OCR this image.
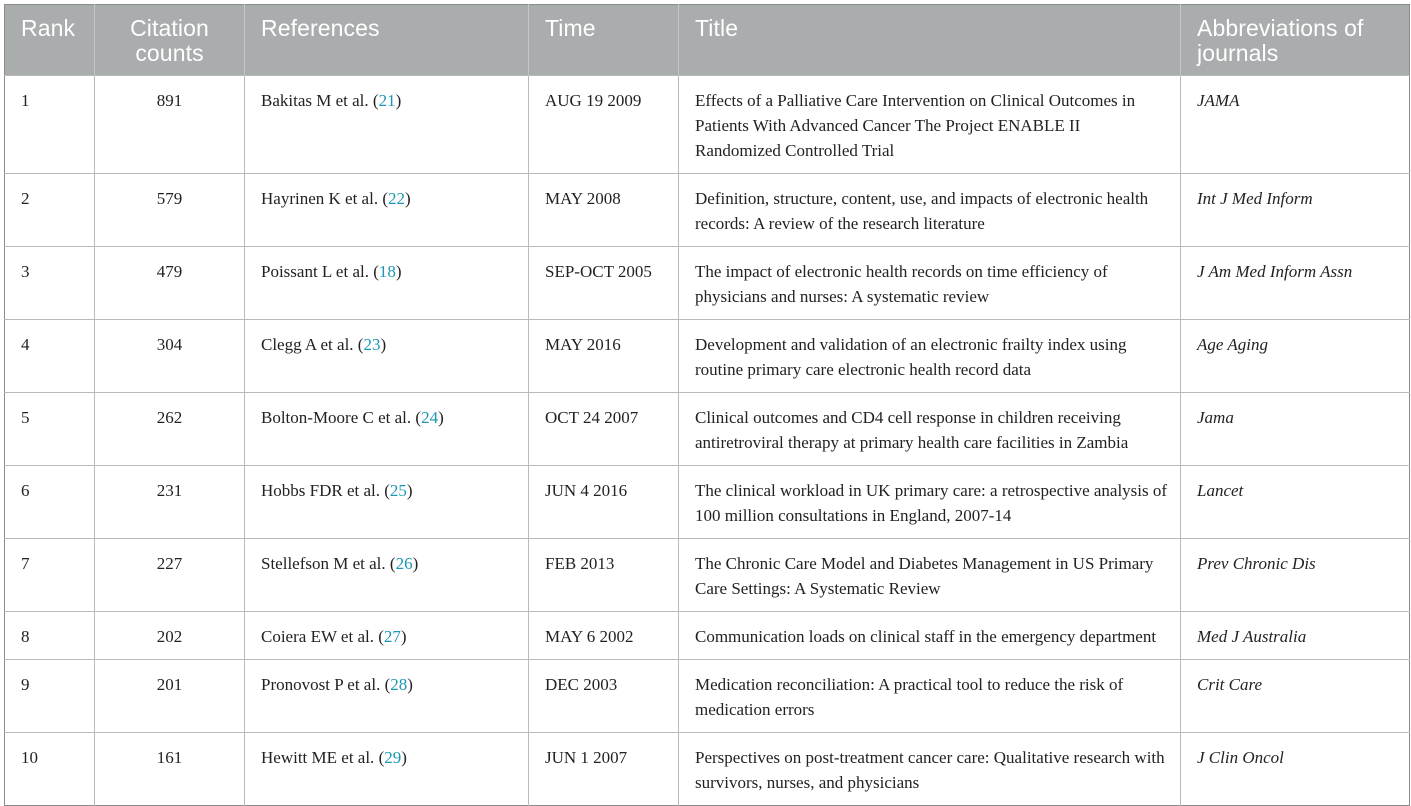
Rank	Citation counts	References	Time	Title	Abbreviations of journals
1	891	Bakitas M et al. (21)	AUG 19 2009	Effects of a Palliative Care Intervention on Clinical Outcomes in Patients With Advanced Cancer The Project ENABLE II Randomized Controlled Trial	JAMA
2	579	Hayrinen K et al. (22)	MAY 2008	Definition, structure, content, use, and impacts of electronic health records: A review of the research literature	Int J Med Inform
3	479	Poissant L et al. (18)	SEP-OCT 2005	The impact of electronic health records on time efficiency of physicians and nurses: A systematic review	J Am Med Inform Assn
4	304	Clegg A et al. (23)	MAY 2016	Development and validation of an electronic frailty index using routine primary care electronic health record data	Age Aging
5	262	Bolton-Moore C et al. (24)	OCT 24 2007	Clinical outcomes and CD4 cell response in children receiving antiretroviral therapy at primary health care facilities in Zambia	Jama
6	231	Hobbs FDR et al. (25)	JUN 4 2016	The clinical workload in UK primary care: a retrospective analysis of 100 million consultations in England, 2007-14	Lancet
7	227	Stellefson M et al. (26)	FEB 2013	The Chronic Care Model and Diabetes Management in US Primary Care Settings: A Systematic Review	Prev Chronic Dis
8	202	Coiera EW et al. (27)	MAY 6 2002	Communication loads on clinical staff in the emergency department	Med J Australia
9	201	Pronovost P et al. (28)	DEC 2003	Medication reconciliation: A practical tool to reduce the risk of medication errors	Crit Care
10	161	Hewitt ME et al. (29)	JUN 1 2007	Perspectives on post-treatment cancer care: Qualitative research with survivors, nurses, and physicians	J Clin Oncol
